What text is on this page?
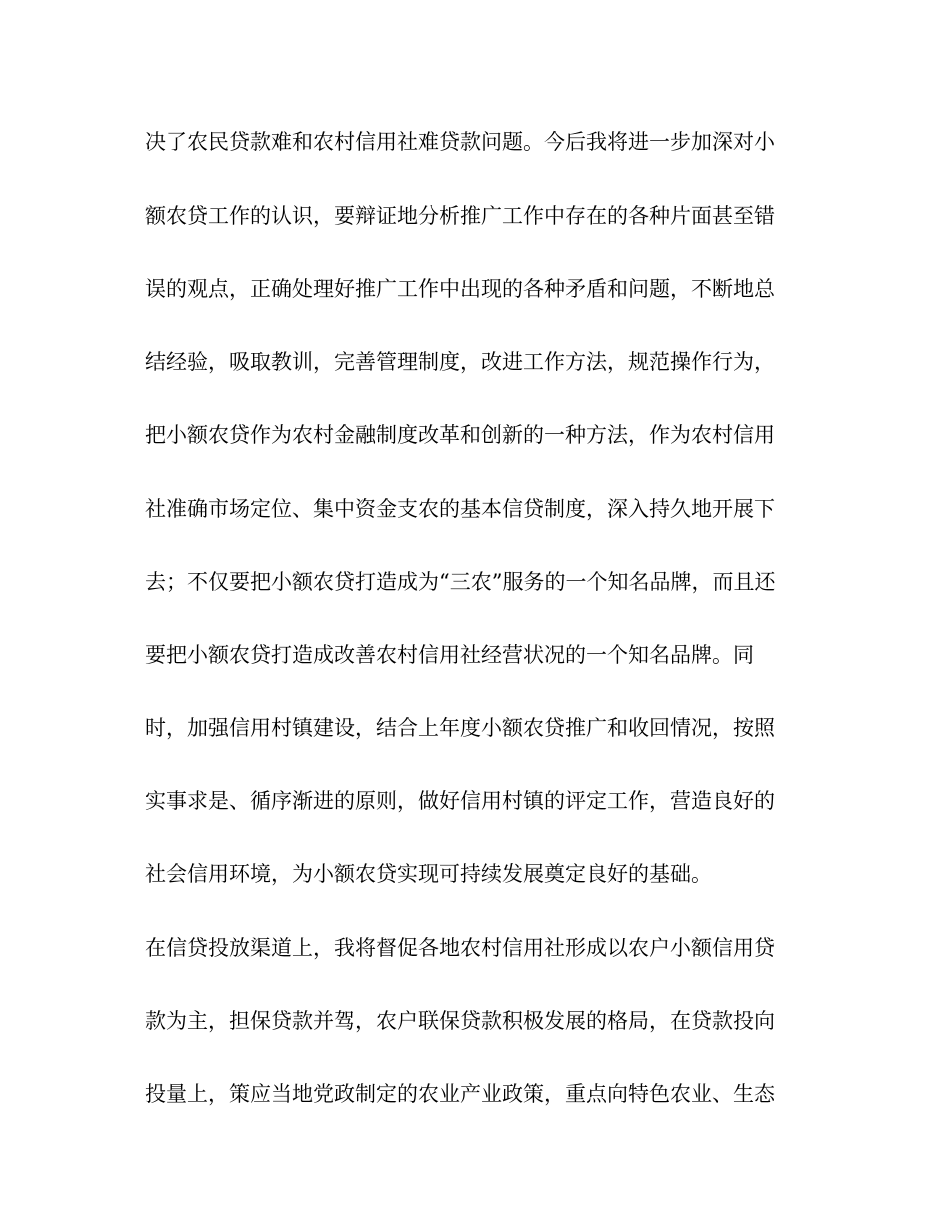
决了农民贷款难和农村信用社难贷款问题。今后我将进一步加深对小
额农贷工作的认识，要辩证地分析推广工作中存在的各种片面甚至错
误的观点，正确处理好推广工作中出现的各种矛盾和问题，不断地总
结经验，吸取教训，完善管理制度，改进工作方法，规范操作行为，
把小额农贷作为农村金融制度改革和创新的一种方法，作为农村信用
社准确市场定位、集中资金支农的基本信贷制度，深入持久地开展下
去；不仅要把小额农贷打造成为“三农”服务的一个知名品牌，而且还
要把小额农贷打造成改善农村信用社经营状况的一个知名品牌。同
时，加强信用村镇建设，结合上年度小额农贷推广和收回情况，按照
实事求是、循序渐进的原则，做好信用村镇的评定工作，营造良好的
社会信用环境，为小额农贷实现可持续发展奠定良好的基础。
在信贷投放渠道上，我将督促各地农村信用社形成以农户小额信用贷
款为主，担保贷款并驾，农户联保贷款积极发展的格局，在贷款投向
投量上，策应当地党政制定的农业产业政策，重点向特色农业、生态
